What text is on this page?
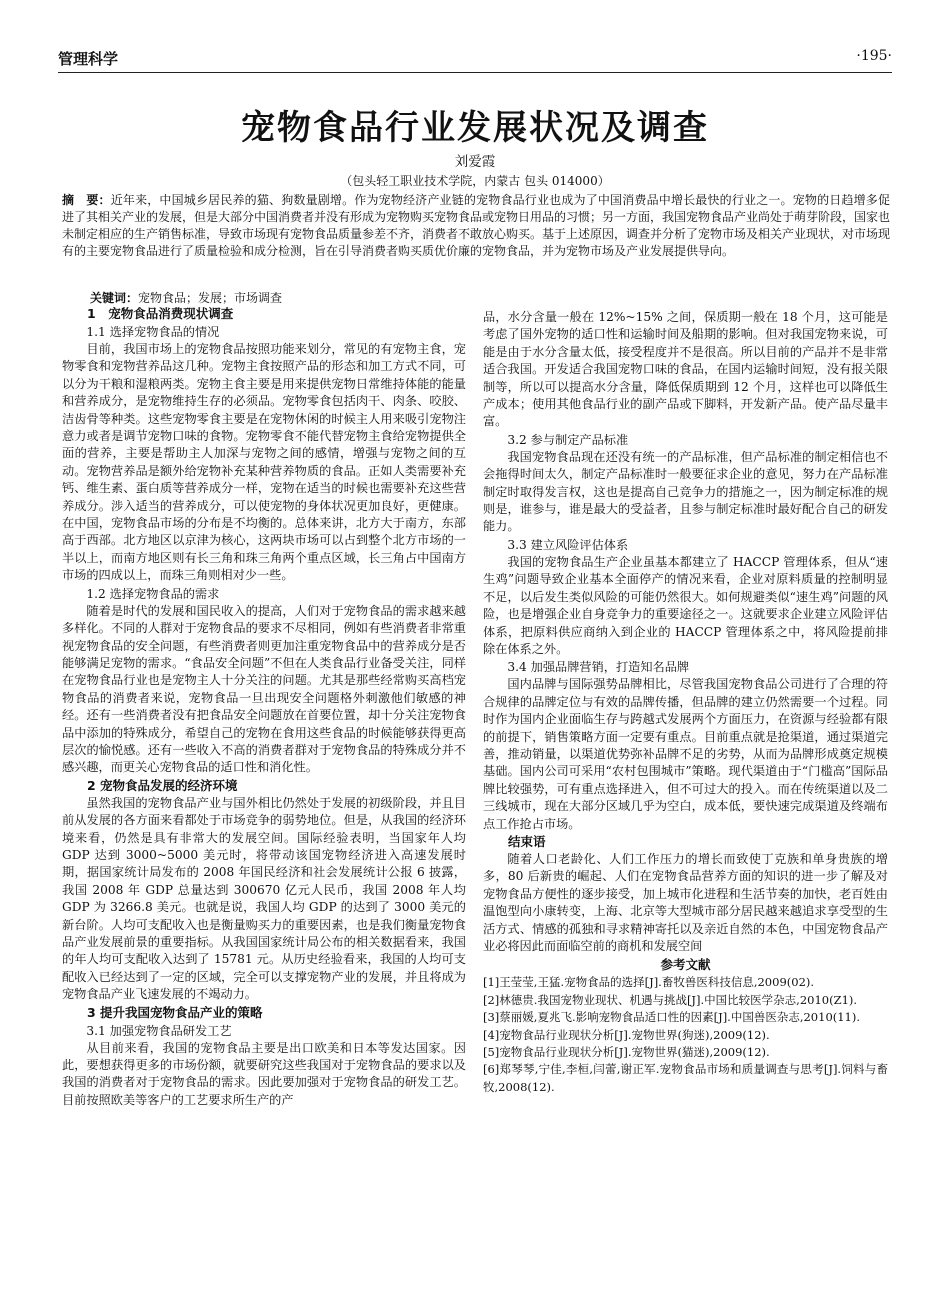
管理科学	·195·
宠物食品行业发展状况及调查
刘爱霞
（包头轻工职业技术学院，内蒙古 包头 014000）
摘　要：近年来，中国城乡居民养的猫、狗数量剧增。作为宠物经济产业链的宠物食品行业也成为了中国消费品中增长最快的行业之一。宠物的日趋增多促进了其相关产业的发展，但是大部分中国消费者并没有形成为宠物购买宠物食品或宠物日用品的习惯；另一方面，我国宠物食品产业尚处于萌芽阶段，国家也未制定相应的生产销售标准，导致市场现有宠物食品质量参差不齐，消费者不敢放心购买。基于上述原因，调查并分析了宠物市场及相关产业现状，对市场现有的主要宠物食品进行了质量检验和成分检测，旨在引导消费者购买质优价廉的宠物食品，并为宠物市场及产业发展提供导向。
关键词：宠物食品；发展；市场调查
1　宠物食品消费现状调查
1.1 选择宠物食品的情况

目前，我国市场上的宠物食品按照功能来划分，常见的有宠物主食，宠物零食和宠物营养品这几种。宠物主食按照产品的形态和加工方式不同，可以分为干粮和湿粮两类。宠物主食主要是用来提供宠物日常维持体能的能量和营养成分，是宠物维持生存的必须品。宠物零食包括肉干、肉条、咬胶、洁齿骨等种类。这些宠物零食主要是在宠物休闲的时候主人用来吸引宠物注意力或者是调节宠物口味的食物。宠物零食不能代替宠物主食给宠物提供全面的营养，主要是帮助主人加深与宠物之间的感情，增强与宠物之间的互动。宠物营养品是额外给宠物补充某种营养物质的食品。正如人类需要补充钙、维生素、蛋白质等营养成分一样，宠物在适当的时候也需要补充这些营养成分。涉入适当的营养成分，可以使宠物的身体状况更加良好，更健康。在中国，宠物食品市场的分布是不均衡的。总体来讲，北方大于南方，东部高于西部。北方地区以京津为核心，这两块市场可以占到整个北方市场的一半以上，而南方地区则有长三角和珠三角两个重点区域，长三角占中国南方市场的四成以上，而珠三角则相对少一些。

1.2 选择宠物食品的需求

随着是时代的发展和国民收入的提高，人们对于宠物食品的需求越来越多样化。不同的人群对于宠物食品的要求不尽相同，例如有些消费者非常重视宠物食品的安全问题，有些消费者则更加注重宠物食品中的营养成分是否能够满足宠物的需求。“食品安全问题”不但在人类食品行业备受关注，同样在宠物食品行业也是宠物主人十分关注的问题。尤其是那些经常购买高档宠物食品的消费者来说，宠物食品一旦出现安全问题格外刺激他们敏感的神经。还有一些消费者没有把食品安全问题放在首要位置，却十分关注宠物食品中添加的特殊成分，希望自己的宠物在食用这些食品的时候能够获得更高层次的愉悦感。还有一些收入不高的消费者群对于宠物食品的特殊成分并不感兴趣，而更关心宠物食品的适口性和消化性。

2 宠物食品发展的经济环境

虽然我国的宠物食品产业与国外相比仍然处于发展的初级阶段，并且目前从发展的各方面来看都处于市场竞争的弱势地位。但是，从我国的经济环境来看，仍然是具有非常大的发展空间。国际经验表明，当国家年人均 GDP 达到 3000~5000 美元时，将带动该国宠物经济进入高速发展时期，据国家统计局发布的 2008 年国民经济和社会发展统计公报 6 披露，我国 2008 年 GDP 总量达到 300670 亿元人民币，我国 2008 年人均 GDP 为 3266.8 美元。也就是说，我国人均 GDP 的达到了 3000 美元的新台阶。人均可支配收入也是衡量购买力的重要因素，也是我们衡量宠物食品产业发展前景的重要指标。从我国国家统计局公布的相关数据看来，我国的年人均可支配收入达到了 15781 元。从历史经验看来，我国的人均可支配收入已经达到了一定的区域，完全可以支撑宠物产业的发展，并且将成为宠物食品产业飞速发展的不竭动力。

3 提升我国宠物食品产业的策略
3.1 加强宠物食品研发工艺

从目前来看，我国的宠物食品主要是出口欧美和日本等发达国家。因此，要想获得更多的市场份额，就要研究这些我国对于宠物食品的要求以及我国的消费者对于宠物食品的需求。因此要加强对于宠物食品的研发工艺。目前按照欧美等客户的工艺要求所生产的产

品，水分含量一般在 12%~15% 之间，保质期一般在 18 个月，这可能是考虑了国外宠物的适口性和运输时间及船期的影响。但对我国宠物来说，可能是由于水分含量太低，接受程度并不是很高。所以目前的产品并不是非常适合我国。开发适合我国宠物口味的食品，在国内运输时间短，没有报关限制等，所以可以提高水分含量，降低保质期到 12 个月，这样也可以降低生产成本；使用其他食品行业的副产品或下脚料，开发新产品。使产品尽量丰富。

3.2 参与制定产品标准

我国宠物食品现在还没有统一的产品标准，但产品标准的制定相信也不会拖得时间太久，制定产品标准时一般要征求企业的意见，努力在产品标准制定时取得发言权，这也是提高自己竞争力的措施之一，因为制定标准的规则是，谁参与，谁是最大的受益者，且参与制定标准时最好配合自己的研发能力。

3.3 建立风险评估体系

我国的宠物食品生产企业虽基本都建立了 HACCP 管理体系，但从“速生鸡”问题导致企业基本全面停产的情况来看，企业对原料质量的控制明显不足，以后发生类似风险的可能仍然很大。如何规避类似“速生鸡”问题的风险，也是增强企业自身竞争力的重要途径之一。这就要求企业建立风险评估体系，把原料供应商纳入到企业的 HACCP 管理体系之中，将风险提前排除在体系之外。

3.4 加强品牌营销，打造知名品牌

国内品牌与国际强势品牌相比，尽管我国宠物食品公司进行了合理的符合规律的品牌定位与有效的品牌传播，但品牌的建立仍然需要一个过程。同时作为国内企业面临生存与跨越式发展两个方面压力，在资源与经验都有限的前提下，销售策略方面一定要有重点。目前重点就是抢渠道，通过渠道完善，推动销量，以渠道优势弥补品牌不足的劣势，从而为品牌形成奠定规模基础。国内公司可采用“农村包围城市”策略。现代渠道由于“门槛高”国际品牌比较强势，可有重点选择进入，但不可过大的投入。而在传统渠道以及二三线城市，现在大部分区域几乎为空白，成本低，要快速完成渠道及终端布点工作抢占市场。

结束语

随着人口老龄化、人们工作压力的增长而致使丁克族和单身贵族的增多，80 后新贵的崛起、人们在宠物食品营养方面的知识的进一步了解及对宠物食品方便性的逐步接受，加上城市化进程和生活节奏的加快，老百姓由温饱型向小康转变，上海、北京等大型城市部分居民越来越追求享受型的生活方式、情感的孤独和寻求精神寄托以及亲近自然的本色，中国宠物食品产业必将因此而面临空前的商机和发展空间

参考文献

[1]王莹莹,王猛.宠物食品的选择[J].畜牧兽医科技信息,2009(02).
[2]林德贵.我国宠物业现状、机遇与挑战[J].中国比较医学杂志,2010(Z1).
[3]蔡丽媛,夏兆飞.影响宠物食品适口性的因素[J].中国兽医杂志,2010(11).
[4]宠物食品行业现状分析[J].宠物世界(狗迷),2009(12).
[5]宠物食品行业现状分析[J].宠物世界(猫迷),2009(12).
[6]郑琴琴,宁佳,李桓,闫蕾,谢正军.宠物食品市场和质量调查与思考[J].饲料与畜牧,2008(12).
